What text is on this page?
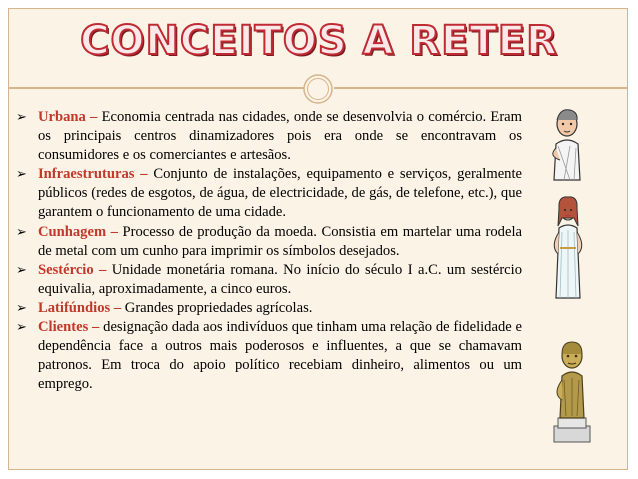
CONCEITOS A RETER

➢ Urbana – Economia centrada nas cidades, onde se desenvolvia o comércio. Eram os principais centros dinamizadores pois era onde se encontravam os consumidores e os comerciantes e artesãos.

➢ Infraestruturas – Conjunto de instalações, equipamento e serviços, geralmente públicos (redes de esgotos, de água, de electricidade, de gás, de telefone, etc.), que garantem o funcionamento de uma cidade.

➢ Cunhagem – Processo de produção da moeda. Consistia em martelar uma rodela de metal com um cunho para imprimir os símbolos desejados.

➢ Sestércio – Unidade monetária romana. No início do século I a.C. um sestércio equivalia, aproximadamente, a cinco euros.

➢ Latifúndios – Grandes propriedades agrícolas.

➢ Clientes – designação dada aos indivíduos que tinham uma relação de fidelidade e dependência face a outros mais poderosos e influentes, a que se chamavam patronos. Em troca do apoio político recebiam dinheiro, alimentos ou um emprego.
